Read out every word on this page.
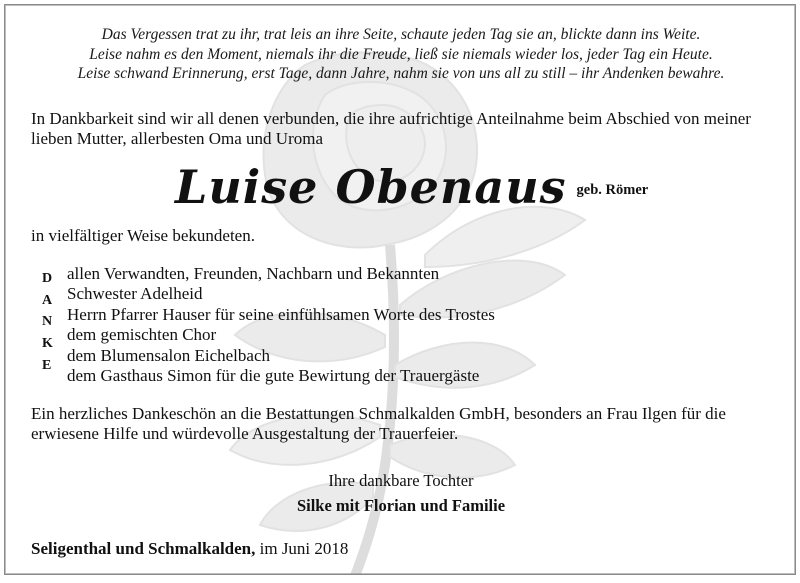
Das Vergessen trat zu ihr, trat leis an ihre Seite, schaute jeden Tag sie an, blickte dann ins Weite.
Leise nahm es den Moment, niemals ihr die Freude, ließ sie niemals wieder los, jeder Tag ein Heute.
Leise schwand Erinnerung, erst Tage, dann Jahre, nahm sie von uns all zu still – ihr Andenken bewahre.
In Dankbarkeit sind wir all denen verbunden, die ihre aufrichtige Anteilnahme beim Abschied von meiner lieben Mutter, allerbesten Oma und Uroma
Luise Obenaus geb. Römer
in vielfältiger Weise bekundeten.
D
A
N
K
E
allen Verwandten, Freunden, Nachbarn und Bekannten
Schwester Adelheid
Herrn Pfarrer Hauser für seine einfühlsamen Worte des Trostes
dem gemischten Chor
dem Blumensalon Eichelbach
dem Gasthaus Simon für die gute Bewirtung der Trauergäste
Ein herzliches Dankeschön an die Bestattungen Schmalkalden GmbH, besonders an Frau Ilgen für die erwiesene Hilfe und würdevolle Ausgestaltung der Trauerfeier.
Ihre dankbare Tochter
Silke mit Florian und Familie
Seligenthal und Schmalkalden, im Juni 2018
